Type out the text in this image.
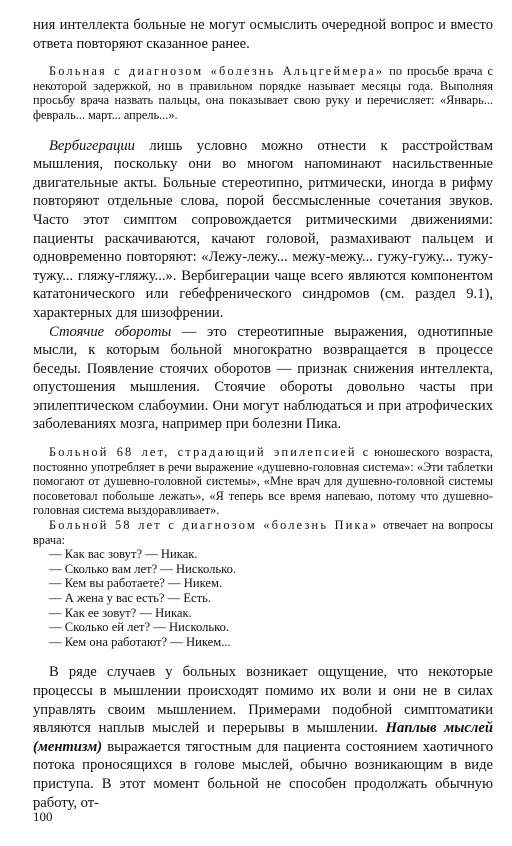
ния интеллекта больные не могут осмыслить очередной вопрос и вместо ответа повторяют сказанное ранее.

Больная с диагнозом «болезнь Альцгеймера» по просьбе врача с некоторой задержкой, но в правильном порядке называет месяцы года. Выполняя просьбу врача назвать пальцы, она показывает свою руку и перечисляет: «Январь... февраль... март... апрель...».

Вербигерации лишь условно можно отнести к расстройствам мышления, поскольку они во многом напоминают насильственные двигательные акты. Больные стереотипно, ритмически, иногда в рифму повторяют отдельные слова, порой бессмысленные сочетания звуков. Часто этот симптом сопровождается ритмическими движениями: пациенты раскачиваются, качают головой, размахивают пальцем и одновременно повторяют: «Лежу-лежу... межу-межу... гужу-гужу... тужу-тужу... гляжу-гляжу...». Вербигерации чаще всего являются компонентом кататонического или гебефренического синдромов (см. раздел 9.1), характерных для шизофрении.

Стоячие обороты — это стереотипные выражения, однотипные мысли, к которым больной многократно возвращается в процессе беседы. Появление стоячих оборотов — признак снижения интеллекта, опустошения мышления. Стоячие обороты довольно часты при эпилептическом слабоумии. Они могут наблюдаться и при атрофических заболеваниях мозга, например при болезни Пика.

Больной 68 лет, страдающий эпилепсией с юношеского возраста, постоянно употребляет в речи выражение «душевно-головная система»: «Эти таблетки помогают от душевно-головной системы», «Мне врач для душевно-головной системы посоветовал побольше лежать», «Я теперь все время напеваю, потому что душевно-головная система выздоравливает».

Больной 58 лет с диагнозом «болезнь Пика» отвечает на вопросы врача:

— Как вас зовут? — Никак.
— Сколько вам лет? — Нисколько.
— Кем вы работаете? — Никем.
— А жена у вас есть? — Есть.
— Как ее зовут? — Никак.
— Сколько ей лет? — Нисколько.
— Кем она работают? — Никем...

В ряде случаев у больных возникает ощущение, что некоторые процессы в мышлении происходят помимо их воли и они не в силах управлять своим мышлением. Примерами подобной симптоматики являются наплыв мыслей и перерывы в мышлении. Наплыв мыслей (ментизм) выражается тягостным для пациента состоянием хаотичного потока проносящихся в голове мыслей, обычно возникающим в виде приступа. В этот момент больной не способен продолжать обычную работу, от-

100
